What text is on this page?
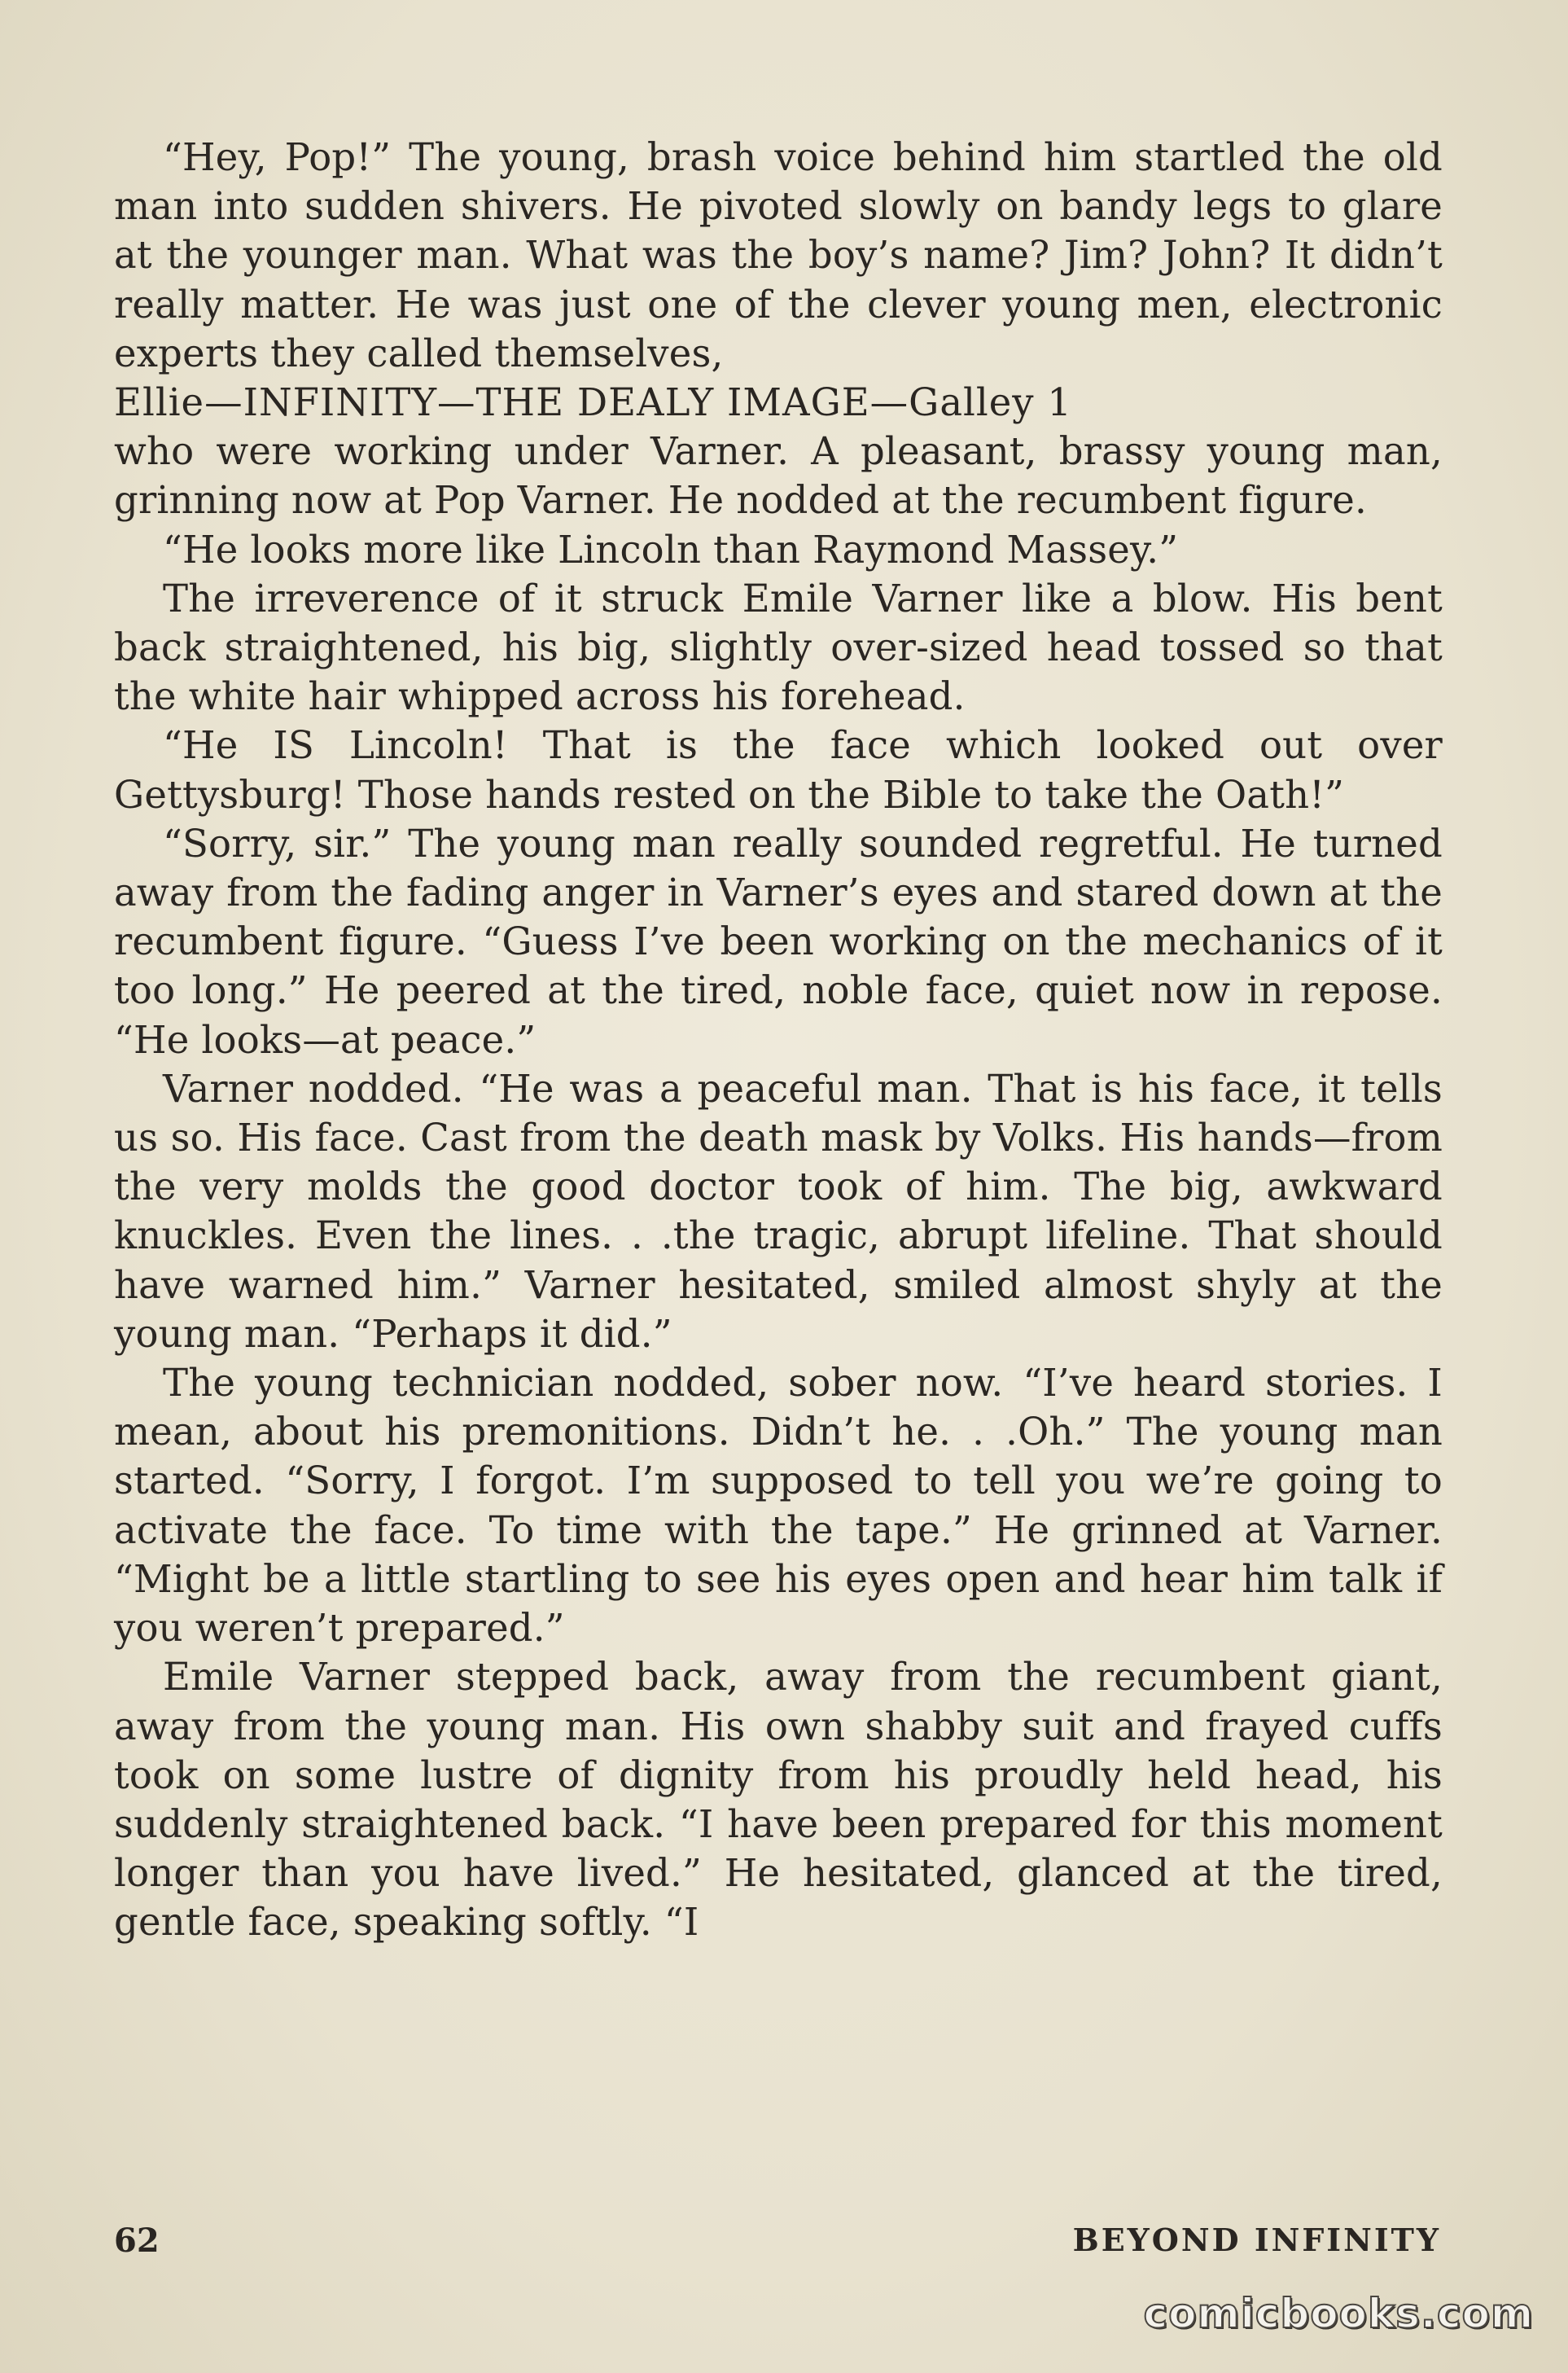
“Hey, Pop!” The young, brash voice behind him startled the old man into sudden shivers. He pivoted slowly on bandy legs to glare at the younger man. What was the boy’s name? Jim? John? It didn’t really matter. He was just one of the clever young men, electronic experts they called themselves,

Ellie—INFINITY—THE DEALY IMAGE—Galley 1

who were working under Varner. A pleasant, brassy young man, grinning now at Pop Varner. He nodded at the recumbent figure.

“He looks more like Lincoln than Raymond Massey.”

The irreverence of it struck Emile Varner like a blow. His bent back straightened, his big, slightly over-sized head tossed so that the white hair whipped across his forehead.

“He IS Lincoln! That is the face which looked out over Gettysburg! Those hands rested on the Bible to take the Oath!”

“Sorry, sir.” The young man really sounded regretful. He turned away from the fading anger in Varner’s eyes and stared down at the recumbent figure. “Guess I’ve been working on the mechanics of it too long.” He peered at the tired, noble face, quiet now in repose. “He looks—at peace.”

Varner nodded. “He was a peaceful man. That is his face, it tells us so. His face. Cast from the death mask by Volks. His hands—from the very molds the good doctor took of him. The big, awkward knuckles. Even the lines. . .the tragic, abrupt lifeline. That should have warned him.” Varner hesitated, smiled almost shyly at the young man. “Perhaps it did.”

The young technician nodded, sober now. “I’ve heard stories. I mean, about his premonitions. Didn’t he. . .Oh.” The young man started. “Sorry, I forgot. I’m supposed to tell you we’re going to activate the face. To time with the tape.” He grinned at Varner. “Might be a little startling to see his eyes open and hear him talk if you weren’t prepared.”

Emile Varner stepped back, away from the recumbent giant, away from the young man. His own shabby suit and frayed cuffs took on some lustre of dignity from his proudly held head, his suddenly straightened back. “I have been prepared for this moment longer than you have lived.” He hesitated, glanced at the tired, gentle face, speaking softly. “I

62	BEYOND INFINITY
comicbooks.com
